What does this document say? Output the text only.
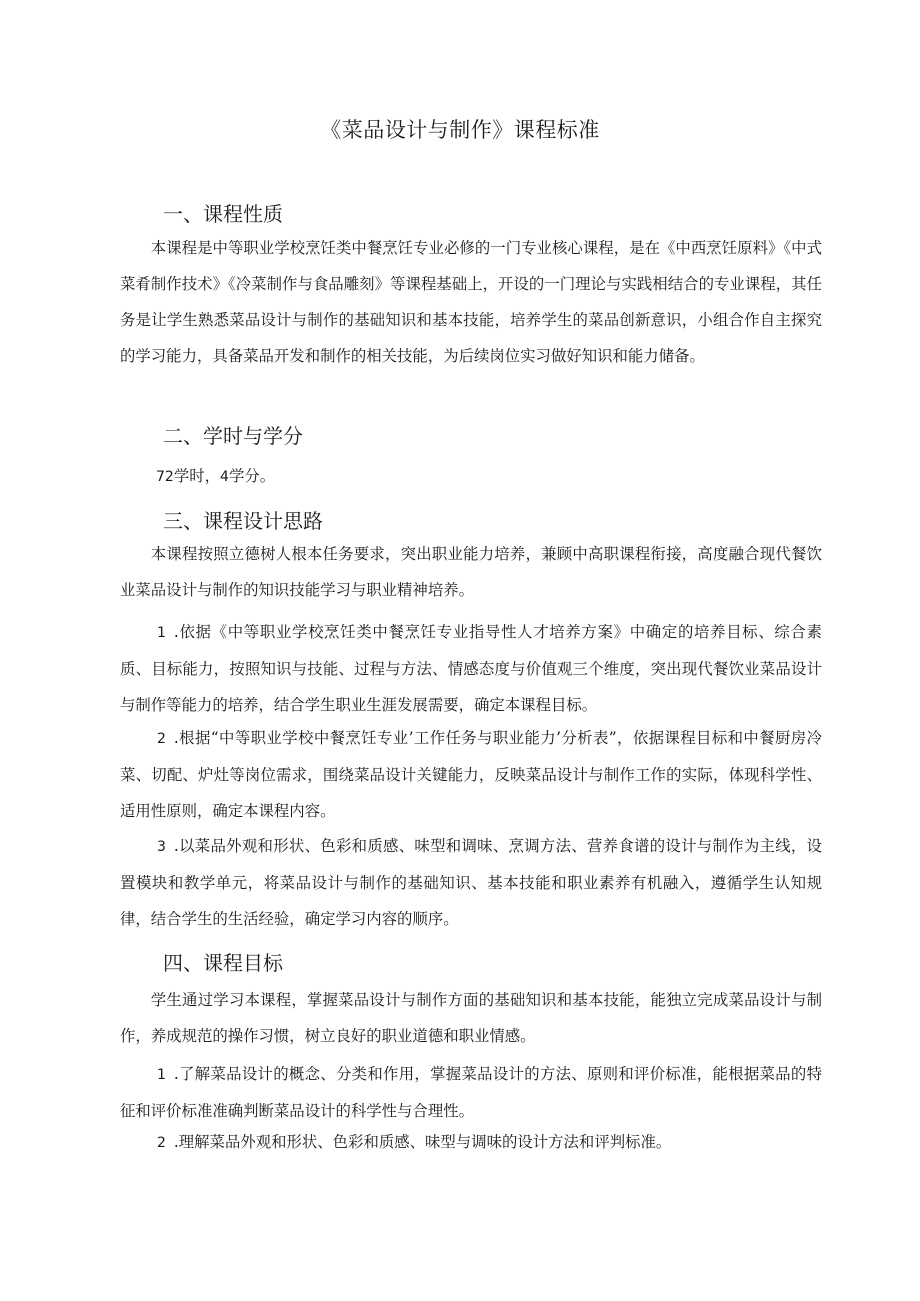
《菜品设计与制作》课程标准
一、课程性质

本课程是中等职业学校烹饪类中餐烹饪专业必修的一门专业核心课程，是在《中西烹饪原料》《中式菜肴制作技术》《冷菜制作与食品雕刻》等课程基础上，开设的一门理论与实践相结合的专业课程，其任务是让学生熟悉菜品设计与制作的基础知识和基本技能，培养学生的菜品创新意识，小组合作自主探究的学习能力，具备菜品开发和制作的相关技能，为后续岗位实习做好知识和能力储备。

二、学时与学分

72学时，4学分。

三、课程设计思路

本课程按照立德树人根本任务要求，突出职业能力培养，兼顾中高职课程衔接，高度融合现代餐饮业菜品设计与制作的知识技能学习与职业精神培养。

1 .依据《中等职业学校烹饪类中餐烹饪专业指导性人才培养方案》中确定的培养目标、综合素质、目标能力，按照知识与技能、过程与方法、情感态度与价值观三个维度，突出现代餐饮业菜品设计与制作等能力的培养，结合学生职业生涯发展需要，确定本课程目标。

2 .根据“中等职业学校中餐烹饪专业’工作任务与职业能力’分析表”，依据课程目标和中餐厨房冷菜、切配、炉灶等岗位需求，围绕菜品设计关键能力，反映菜品设计与制作工作的实际，体现科学性、适用性原则，确定本课程内容。

3 .以菜品外观和形状、色彩和质感、味型和调味、烹调方法、营养食谱的设计与制作为主线，设置模块和教学单元，将菜品设计与制作的基础知识、基本技能和职业素养有机融入，遵循学生认知规律，结合学生的生活经验，确定学习内容的顺序。

四、课程目标

学生通过学习本课程，掌握菜品设计与制作方面的基础知识和基本技能，能独立完成菜品设计与制作，养成规范的操作习惯，树立良好的职业道德和职业情感。

1 .了解菜品设计的概念、分类和作用，掌握菜品设计的方法、原则和评价标准，能根据菜品的特征和评价标准准确判断菜品设计的科学性与合理性。

2 .理解菜品外观和形状、色彩和质感、味型与调味的设计方法和评判标准。
